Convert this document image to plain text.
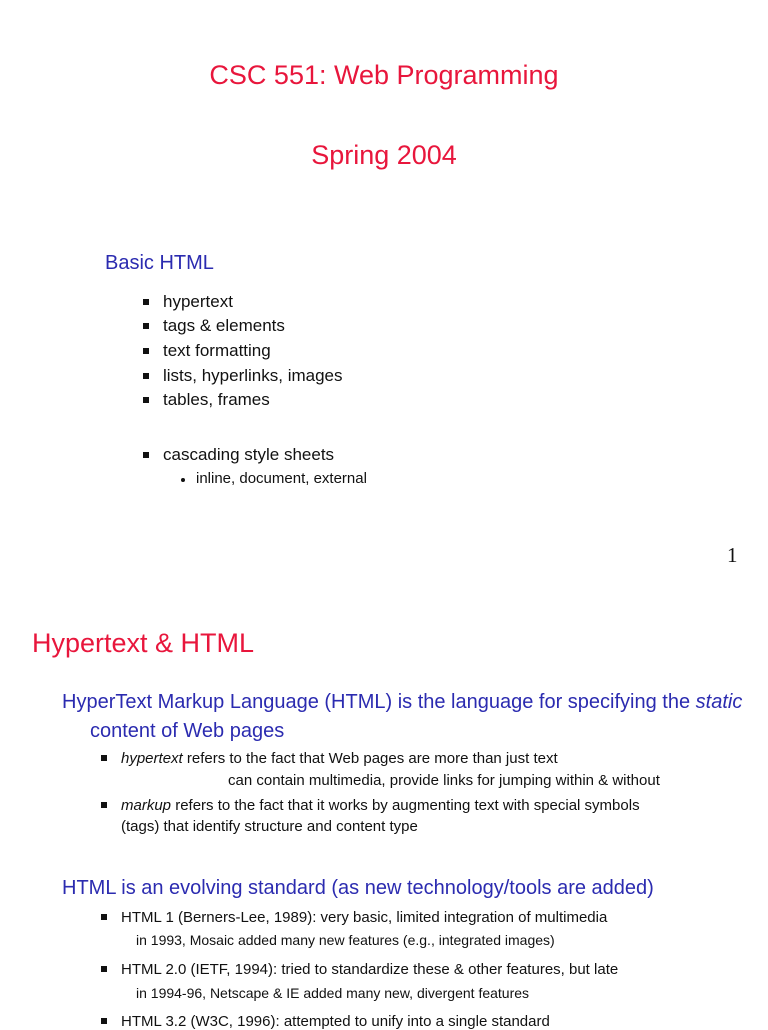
CSC 551: Web Programming
Spring 2004
Basic HTML
hypertext
tags & elements
text formatting
lists, hyperlinks, images
tables, frames
cascading style sheets
inline, document, external
1
Hypertext & HTML
HyperText Markup Language (HTML) is the language for specifying the static
content of Web pages
hypertext refers to the fact that Web pages are more than just text
can contain multimedia, provide links for jumping within & without
markup refers to the fact that it works by augmenting text with special symbols
(tags) that identify structure and content type
HTML is an evolving standard (as new technology/tools are added)
HTML 1 (Berners-Lee, 1989): very basic, limited integration of multimedia
in 1993, Mosaic added many new features (e.g., integrated images)
HTML 2.0 (IETF, 1994): tried to standardize these & other features, but late
in 1994-96, Netscape & IE added many new, divergent features
HTML 3.2 (W3C, 1996): attempted to unify into a single standard
